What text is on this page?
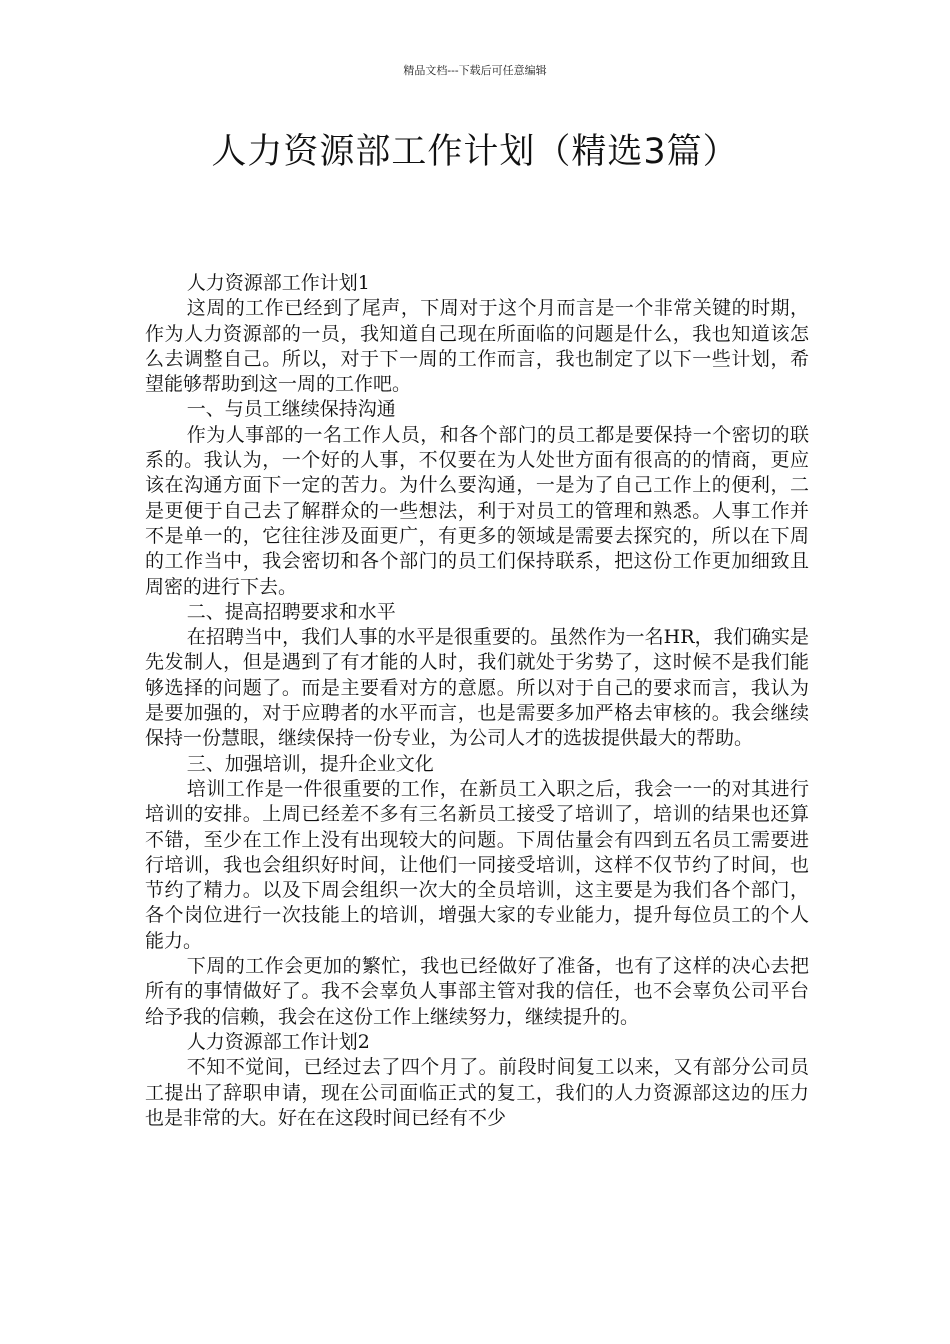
精品文档---下载后可任意编辑
人力资源部工作计划（精选3篇）

人力资源部工作计划1

这周的工作已经到了尾声，下周对于这个月而言是一个非常关键的时期，作为人力资源部的一员，我知道自己现在所面临的问题是什么，我也知道该怎么去调整自己。所以，对于下一周的工作而言，我也制定了以下一些计划，希望能够帮助到这一周的工作吧。

一、与员工继续保持沟通

作为人事部的一名工作人员，和各个部门的员工都是要保持一个密切的联系的。我认为，一个好的人事，不仅要在为人处世方面有很高的的情商，更应该在沟通方面下一定的苦力。为什么要沟通，一是为了自己工作上的便利，二是更便于自己去了解群众的一些想法，利于对员工的管理和熟悉。人事工作并不是单一的，它往往涉及面更广，有更多的领域是需要去探究的，所以在下周的工作当中，我会密切和各个部门的员工们保持联系，把这份工作更加细致且周密的进行下去。

二、提高招聘要求和水平

在招聘当中，我们人事的水平是很重要的。虽然作为一名HR，我们确实是先发制人，但是遇到了有才能的人时，我们就处于劣势了，这时候不是我们能够选择的问题了。而是主要看对方的意愿。所以对于自己的要求而言，我认为是要加强的，对于应聘者的水平而言，也是需要多加严格去审核的。我会继续保持一份慧眼，继续保持一份专业，为公司人才的选拔提供最大的帮助。

三、加强培训，提升企业文化

培训工作是一件很重要的工作，在新员工入职之后，我会一一的对其进行培训的安排。上周已经差不多有三名新员工接受了培训了，培训的结果也还算不错，至少在工作上没有出现较大的问题。下周估量会有四到五名员工需要进行培训，我也会组织好时间，让他们一同接受培训，这样不仅节约了时间，也节约了精力。以及下周会组织一次大的全员培训，这主要是为我们各个部门，各个岗位进行一次技能上的培训，增强大家的专业能力，提升每位员工的个人能力。

下周的工作会更加的繁忙，我也已经做好了准备，也有了这样的决心去把所有的事情做好了。我不会辜负人事部主管对我的信任，也不会辜负公司平台给予我的信赖，我会在这份工作上继续努力，继续提升的。

人力资源部工作计划2

不知不觉间，已经过去了四个月了。前段时间复工以来，又有部分公司员工提出了辞职申请，现在公司面临正式的复工，我们的人力资源部这边的压力也是非常的大。好在在这段时间已经有不少
